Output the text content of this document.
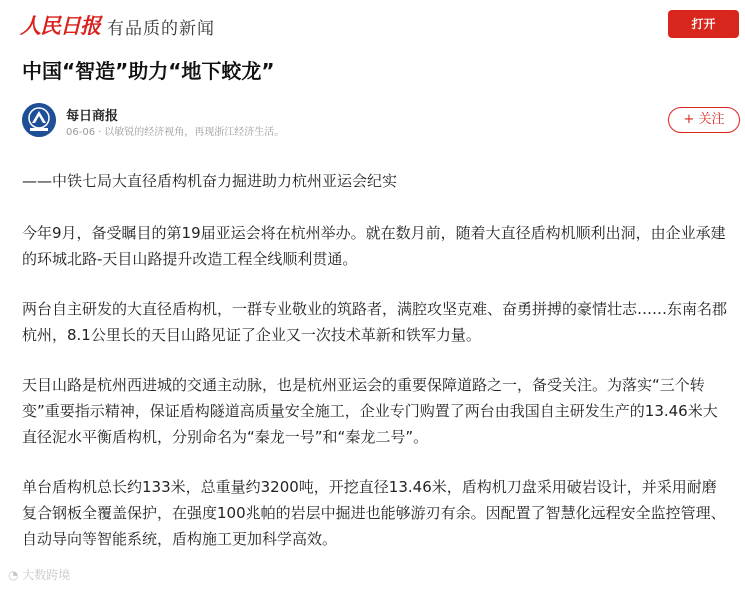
人民日报 有品质的新闻	打开
中国“智造”助力“地下蛟龙”
每日商报
06-06 · 以敏锐的经济视角，再现浙江经济生活。
+ 关注

——中铁七局大直径盾构机奋力掘进助力杭州亚运会纪实

今年9月，备受瞩目的第19届亚运会将在杭州举办。就在数月前，随着大直径盾构机顺利出洞，由企业承建的环城北路-天目山路提升改造工程全线顺利贯通。

两台自主研发的大直径盾构机，一群专业敬业的筑路者，满腔攻坚克难、奋勇拼搏的豪情壮志……东南名郡杭州，8.1公里长的天目山路见证了企业又一次技术革新和铁军力量。

天目山路是杭州西进城的交通主动脉，也是杭州亚运会的重要保障道路之一，备受关注。为落实“三个转变”重要指示精神，保证盾构隧道高质量安全施工，企业专门购置了两台由我国自主研发生产的13.46米大直径泥水平衡盾构机，分别命名为“秦龙一号”和“秦龙二号”。

单台盾构机总长约133米，总重量约3200吨，开挖直径13.46米，盾构机刀盘采用破岩设计，并采用耐磨复合钢板全覆盖保护，在强度100兆帕的岩层中掘进也能够游刃有余。因配置了智慧化远程安全监控管理、自动导向等智能系统，盾构施工更加科学高效。

◔ 大数跨境
